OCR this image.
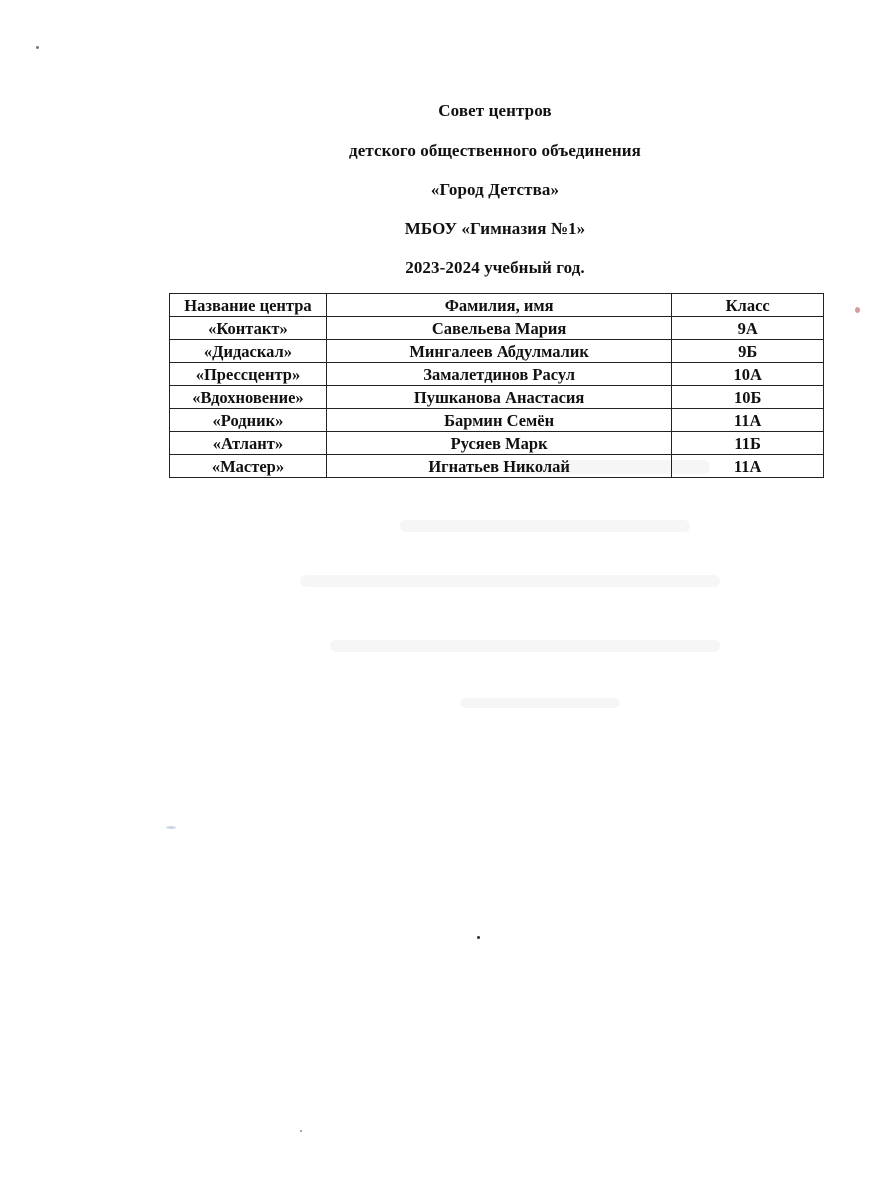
Совет центров
детского общественного объединения
«Город Детства»
МБОУ «Гимназия №1»
2023-2024 учебный год.
Название центра	Фамилия, имя	Класс
«Контакт»	Савельева Мария	9А
«Дидаскал»	Мингалеев Абдулмалик	9Б
«Прессцентр»	Замалетдинов Расул	10А
«Вдохновение»	Пушканова Анастасия	10Б
«Родник»	Бармин Семён	11А
«Атлант»	Русяев Марк	11Б
«Мастер»	Игнатьев Николай	11А
